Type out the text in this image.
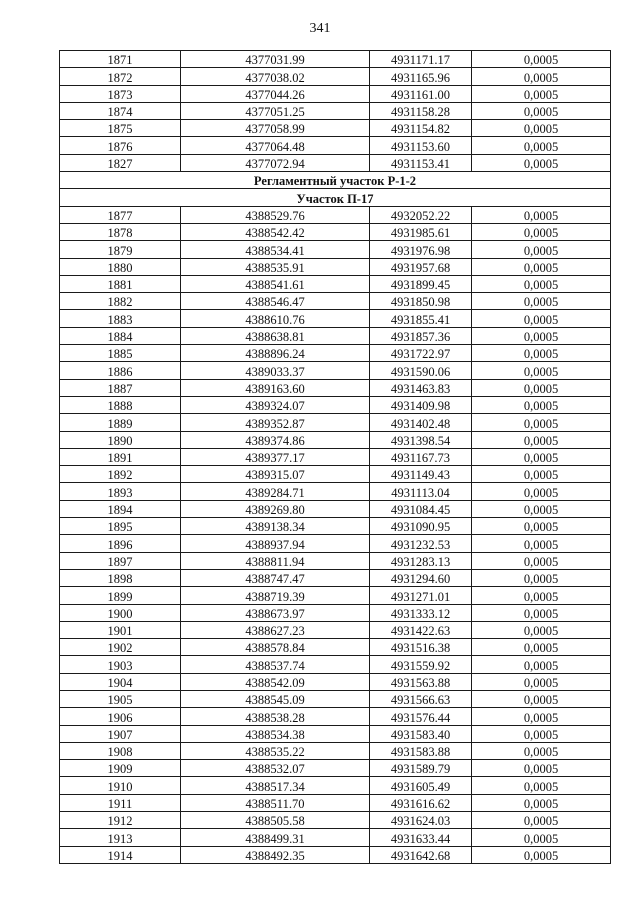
341
1871	4377031.99	4931171.17	0,0005
1872	4377038.02	4931165.96	0,0005
1873	4377044.26	4931161.00	0,0005
1874	4377051.25	4931158.28	0,0005
1875	4377058.99	4931154.82	0,0005
1876	4377064.48	4931153.60	0,0005
1827	4377072.94	4931153.41	0,0005
Регламентный участок Р-1-2			
Участок П-17			
1877	4388529.76	4932052.22	0,0005
1878	4388542.42	4931985.61	0,0005
1879	4388534.41	4931976.98	0,0005
1880	4388535.91	4931957.68	0,0005
1881	4388541.61	4931899.45	0,0005
1882	4388546.47	4931850.98	0,0005
1883	4388610.76	4931855.41	0,0005
1884	4388638.81	4931857.36	0,0005
1885	4388896.24	4931722.97	0,0005
1886	4389033.37	4931590.06	0,0005
1887	4389163.60	4931463.83	0,0005
1888	4389324.07	4931409.98	0,0005
1889	4389352.87	4931402.48	0,0005
1890	4389374.86	4931398.54	0,0005
1891	4389377.17	4931167.73	0,0005
1892	4389315.07	4931149.43	0,0005
1893	4389284.71	4931113.04	0,0005
1894	4389269.80	4931084.45	0,0005
1895	4389138.34	4931090.95	0,0005
1896	4388937.94	4931232.53	0,0005
1897	4388811.94	4931283.13	0,0005
1898	4388747.47	4931294.60	0,0005
1899	4388719.39	4931271.01	0,0005
1900	4388673.97	4931333.12	0,0005
1901	4388627.23	4931422.63	0,0005
1902	4388578.84	4931516.38	0,0005
1903	4388537.74	4931559.92	0,0005
1904	4388542.09	4931563.88	0,0005
1905	4388545.09	4931566.63	0,0005
1906	4388538.28	4931576.44	0,0005
1907	4388534.38	4931583.40	0,0005
1908	4388535.22	4931583.88	0,0005
1909	4388532.07	4931589.79	0,0005
1910	4388517.34	4931605.49	0,0005
1911	4388511.70	4931616.62	0,0005
1912	4388505.58	4931624.03	0,0005
1913	4388499.31	4931633.44	0,0005
1914	4388492.35	4931642.68	0,0005
